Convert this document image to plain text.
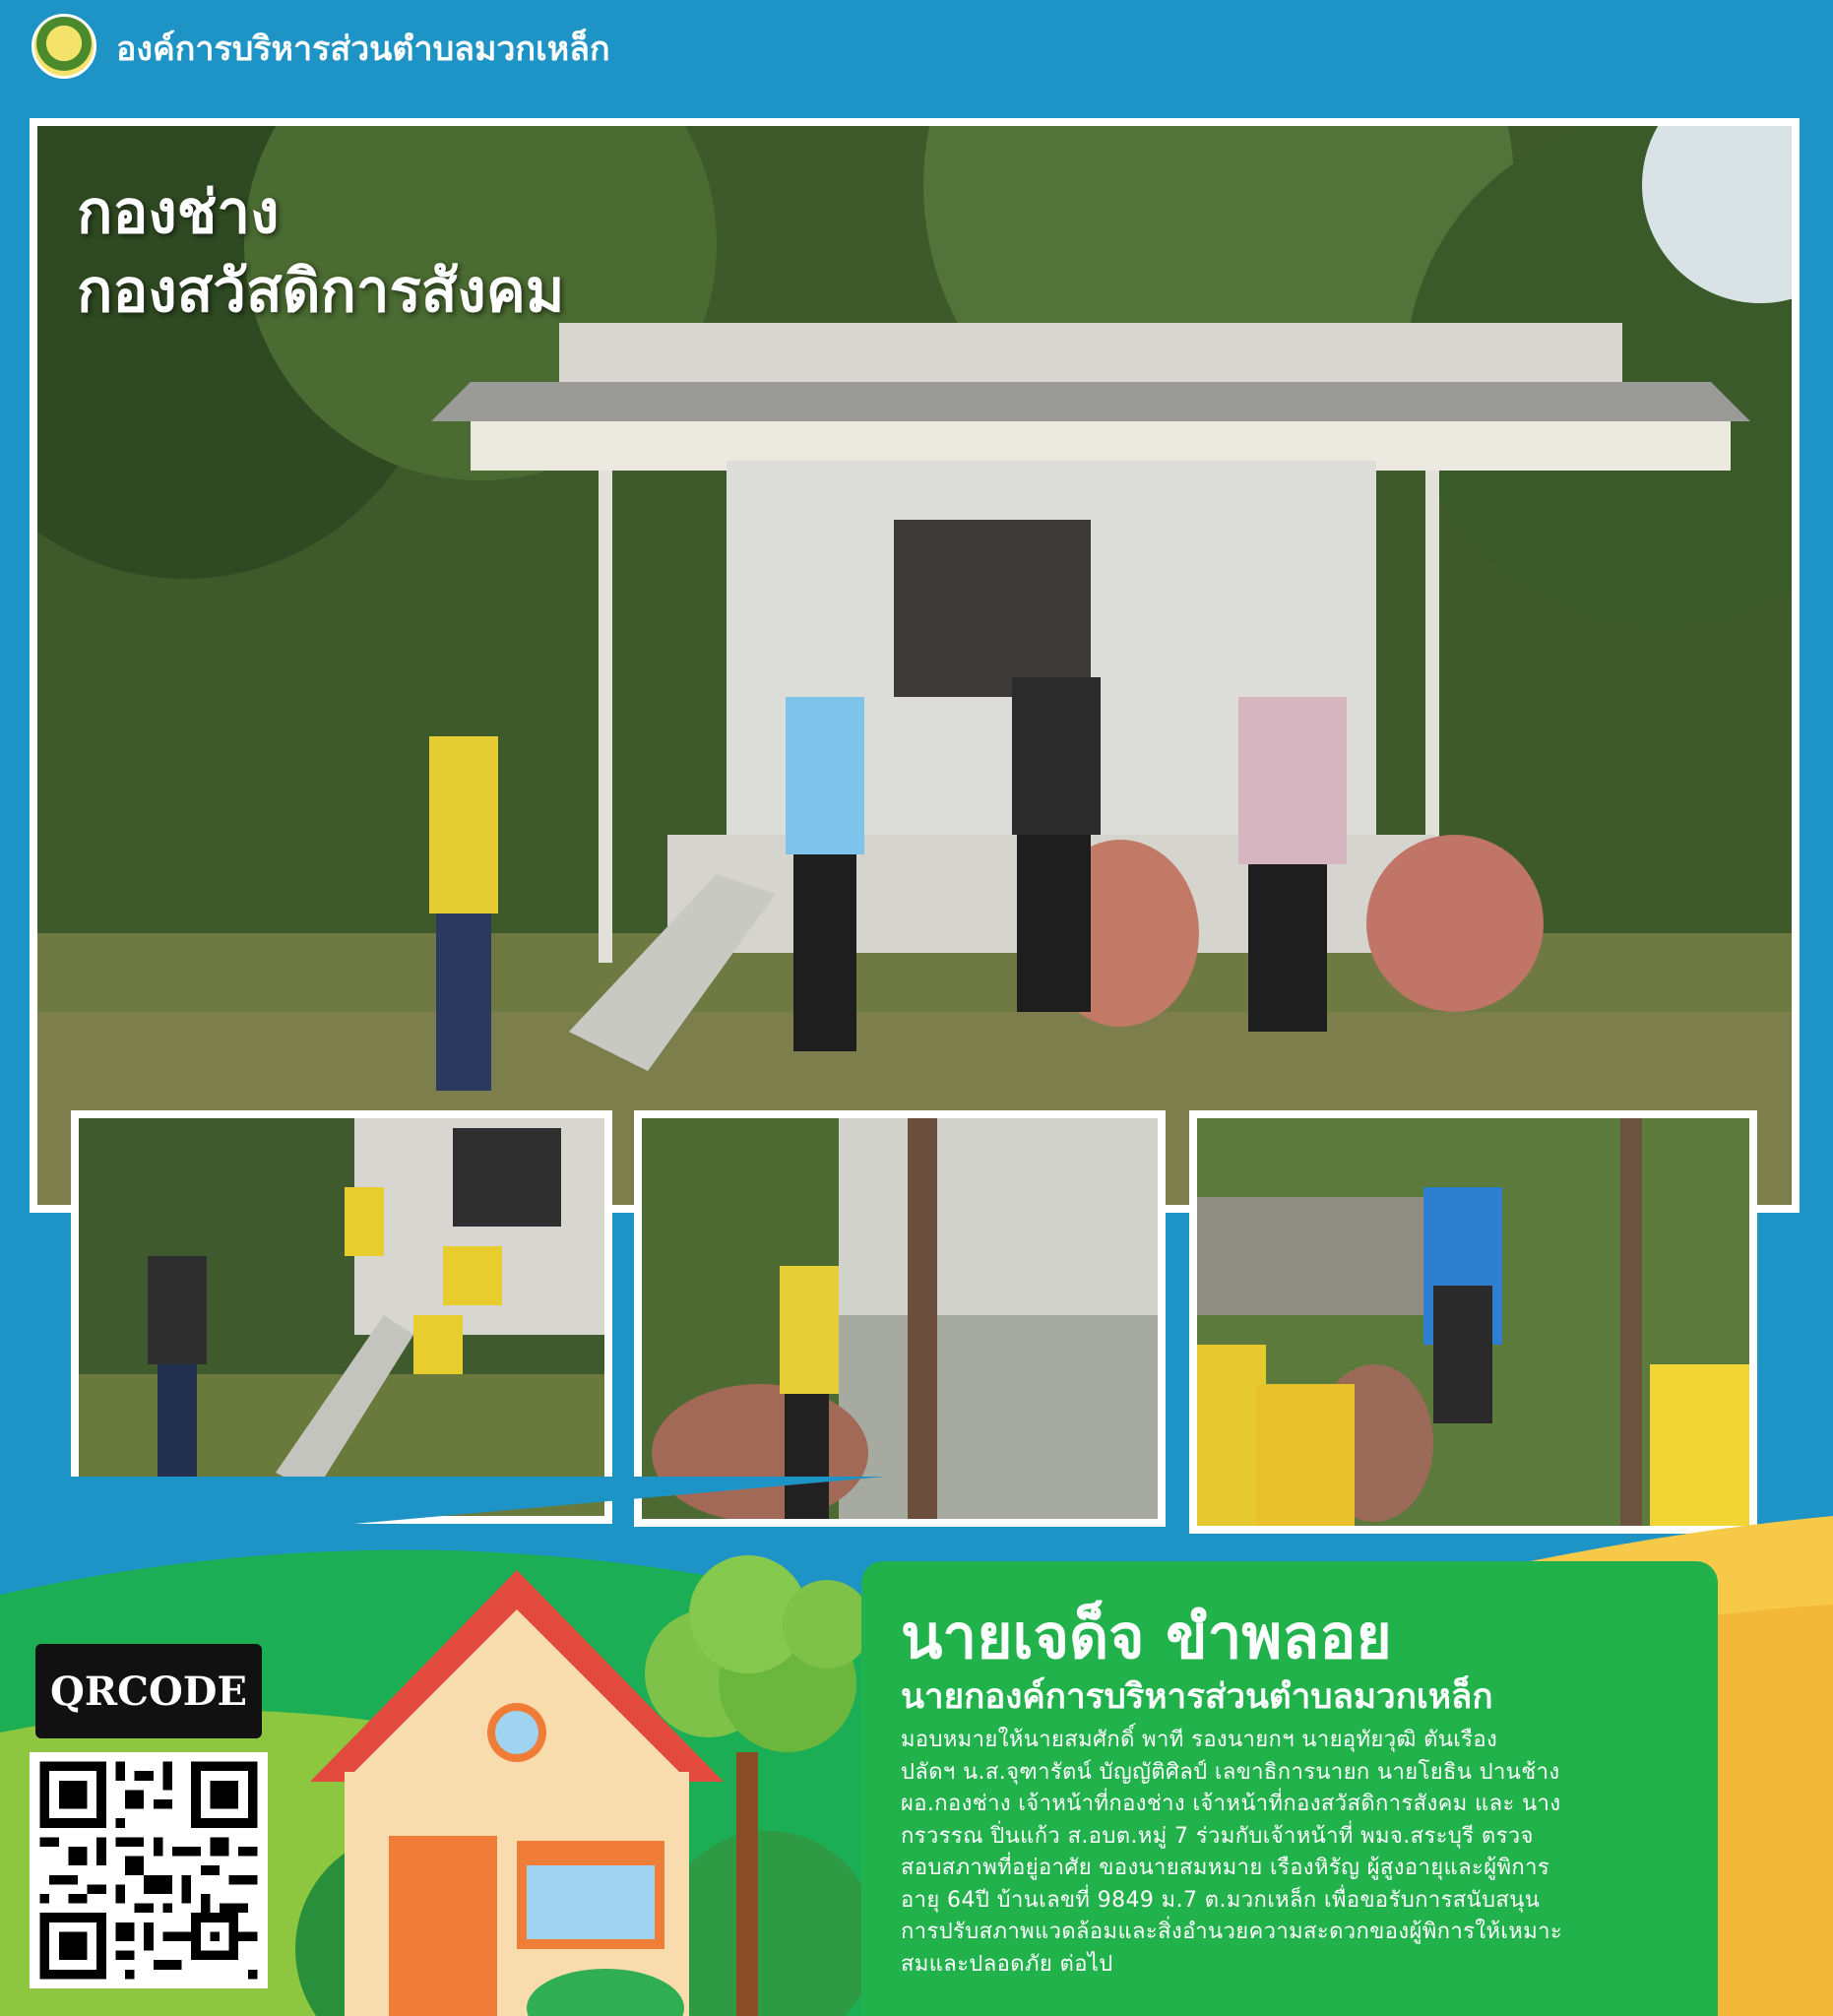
องค์การบริหารส่วนตำบลมวกเหล็ก
กองช่าง
กองสวัสดิการสังคม
QRCODE
นายเจด็จ ขำพลอย
นายกองค์การบริหารส่วนตำบลมวกเหล็ก
มอบหมายให้นายสมศักดิ์ พาที รองนายกฯ นายอุทัยวุฒิ ตันเรือง
ปลัดฯ น.ส.จุฑารัตน์ บัญญัติศิลป์ เลขาธิการนายก นายโยธิน ปานช้าง
ผอ.กองช่าง เจ้าหน้าที่กองช่าง เจ้าหน้าที่กองสวัสดิการสังคม และ นาง
กรวรรณ ปิ่นแก้ว ส.อบต.หมู่ 7 ร่วมกับเจ้าหน้าที่ พมจ.สระบุรี ตรวจ
สอบสภาพที่อยู่อาศัย ของนายสมหมาย เรืองหิรัญ ผู้สูงอายุและผู้พิการ
อายุ 64ปี บ้านเลขที่ 9849 ม.7 ต.มวกเหล็ก เพื่อขอรับการสนับสนุน
การปรับสภาพแวดล้อมและสิ่งอำนวยความสะดวกของผู้พิการให้เหมาะ
สมและปลอดภัย ต่อไป
